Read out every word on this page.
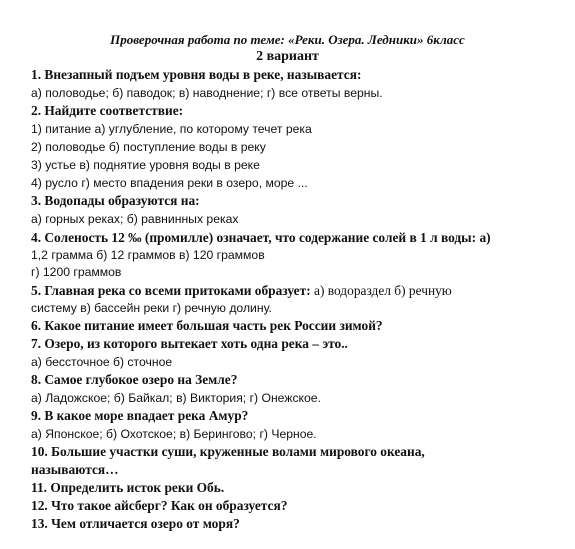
Проверочная работа по теме: «Реки. Озера. Ледники» 6класс
2 вариант
1. Внезапный подъем уровня воды в реке, называется:
а) половодье; б) паводок; в) наводнение; г) все ответы верны.
2. Найдите соответствие:
1) питание а) углубление, по которому течет река
2) половодье б) поступление воды в реку
3) устье в) поднятие уровня воды в реке
4) русло г) место впадения реки в озеро, море ...
3. Водопады образуются на:
а) горных реках; б) равнинных реках
4. Соленость 12 ‰ (промилле) означает, что содержание солей в 1 л воды: а)
1,2 грамма б) 12 граммов в) 120 граммов
г) 1200 граммов
5. Главная река со всеми притоками образует: а) водораздел б) речную
систему в) бассейн реки г) речную долину.
6. Какое питание имеет большая часть рек России зимой?
7. Озеро, из которого вытекает хоть одна река – это..
а) бессточное б) сточное
8. Самое глубокое озеро на Земле?
а) Ладожское; б) Байкал; в) Виктория; г) Онежское.
9. В какое море впадает река Амур?
а) Японское; б) Охотское; в) Берингово; г) Черное.
10. Большие участки суши, круженные волами мирового океана,
называются…
11. Определить исток реки Обь.
12. Что такое айсберг? Как он образуется?
13. Чем отличается озеро от моря?
